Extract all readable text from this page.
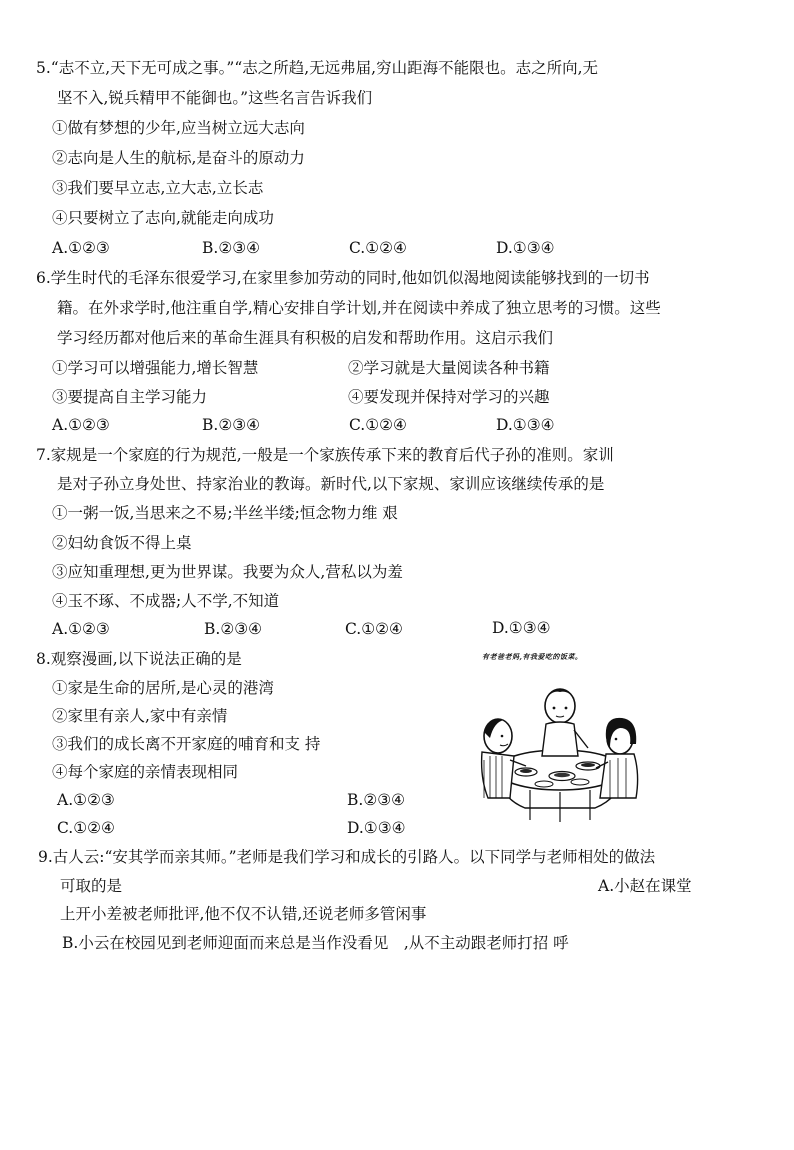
5.“志不立,天下无可成之事。”“志之所趋,无远弗届,穷山距海不能限也。志之所向,无
坚不入,锐兵精甲不能御也。”这些名言告诉我们
①做有梦想的少年,应当树立远大志向
②志向是人生的航标,是奋斗的原动力
③我们要早立志,立大志,立长志
④只要树立了志向,就能走向成功
A.①②③	B.②③④	C.①②④	D.①③④
6.学生时代的毛泽东很爱学习,在家里参加劳动的同时,他如饥似渴地阅读能够找到的一切书
籍。在外求学时,他注重自学,精心安排自学计划,并在阅读中养成了独立思考的习惯。这些
学习经历都对他后来的革命生涯具有积极的启发和帮助作用。这启示我们
①学习可以增强能力,增长智慧	②学习就是大量阅读各种书籍
③要提高自主学习能力	④要发现并保持对学习的兴趣
A.①②③	B.②③④	C.①②④	D.①③④
7.家规是一个家庭的行为规范,一般是一个家族传承下来的教育后代子孙的准则。家训
是对子孙立身处世、持家治业的教诲。新时代,以下家规、家训应该继续传承的是
①一粥一饭,当思来之不易;半丝半缕;恒念物力维 艰
②妇幼食饭不得上桌
③应知重理想,更为世界谋。我要为众人,营私以为羞
④玉不琢、不成器;人不学,不知道
A.①②③	B.②③④	C.①②④	D.①③④
8.观察漫画,以下说法正确的是
①家是生命的居所,是心灵的港湾
②家里有亲人,家中有亲情
③我们的成长离不开家庭的哺育和支 持
④每个家庭的亲情表现相同
A.①②③	B.②③④
C.①②④	D.①③④
有老爸老妈,有我爱吃的饭菜。
9.古人云:“安其学而亲其师。”老师是我们学习和成长的引路人。以下同学与老师相处的做法
可取的是	A.小赵在课堂
上开小差被老师批评,他不仅不认错,还说老师多管闲事
B.小云在校园见到老师迎面而来总是当作没看见　,从不主动跟老师打招 呼
